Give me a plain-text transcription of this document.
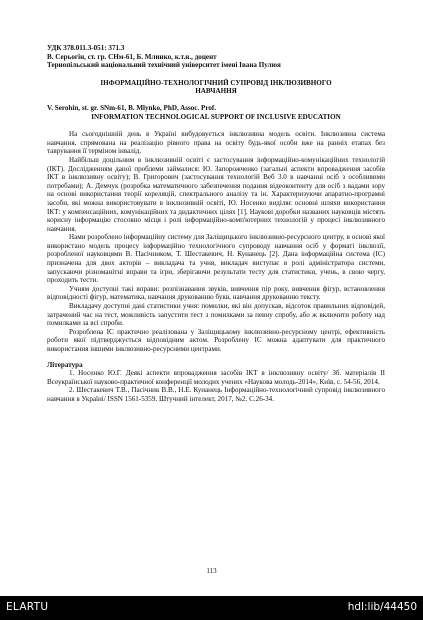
УДК 378.011.3-051: 371.3
В. Серьогін, ст. гр. СНм-61, Б. Млинко, к.т.н., доцент
Тернопільський національний технічний університет імені Івана Пулюя
ІНФОРМАЦІЙНО-ТЕХНОЛОГІЧНИЙ СУПРОВІД ІНКЛЮЗИВНОГО НАВЧАННЯ
V. Serohin, st. gr. SNm-61, B. Mlynko, PhD, Assoc. Prof.
INFORMATION TECHNOLOGICAL SUPPORT OF INCLUSIVE EDUCATION

На сьогоднішній день в Україні вибудовується інклюзивна модель освіти. Інклюзивна система навчання, спрямована на реалізацію рівного права на освіту будь-якої особи вже на ранніх етапах без тавру́вання її терміном інвалід.

Найбільш доцільним в інклюзивній освіті є застосування інформаційно-комунікаційних технологій (ІКТ). Дослідженням даної проблеми займалися: Ю. Запорожченко (загальні аспекти впровадження засобів ІКТ в інклюзивну освіту); В. Григорович (застосування технологій Веб 3.0 в навчанні осіб з особливими потребами); А. Демчук (розробка математичного забезпечення подання відеоконтенту для осіб з вадами зору на основі використання теорії кореляцій, спектрального аналізу та ін. Характеризуючи апаратно-програмні засоби, які можна використовувати в інклюзивній освіті, Ю. Носенко виділяє основні шляхи використання ІКТ: у компенсаційних, комунікаційних та дидактичних цілях [1]. Наукові доробки названих науковців містять корисну інформацію стосовно місця і ролі інформаційно-комп'ютерних технологій у процесі інклюзивного навчання.

Нами розроблено інформаційну систему для Заліщицького інклюзивно-ресурсного центру, в основі якої використано модель процесу інформаційно технологічного супроводу навчання осіб у форматі інклюзії, розробленої науковцями В. Пасічником, Т. Шестакевич, Н. Кунанець [2]. Дана інформаційна система (ІС) призначена для двох акторів – викладача та учня, викладач виступає в ролі адміністратора системи, запускаючи різноманітні вправи та ігри, зберігаючи результати тесту для статистики, учень, в свою чергу, проходить тести.

Учням доступні такі вправи: розпізнавання звуків, вивчення пір року, вивчення фігур, встановлення відповідності фігур, математика, навчання друкованню букв, навчання друкованню тексту.

Викладачу доступні дані статистики учня: помилки, які він допускав, відсоток правильних відповідей, затрачений час на тест, можливість запустити тест з помилками за певну спробу, або ж включити роботу над помилками за всі спроби.

Розроблена ІС практично реалізована у Заліщицькому інклюзивно-ресурсному центрі, ефективність роботи якої підтверджується відповідним актом. Розроблену ІС можна адаптувати для практичного використання іншими інклюзивно-ресурсними центрами.

Література

1. Носенко Ю.Г. Деякі аспекти впровадження засобів ІКТ в інклюзивну освіту/ Зб. матеріалів ІІ Всеукраїнської науково-практичної конференції молодих учених «Наукова молодь-2014», Київ, с. 54-56, 2014.

2. Шестакевич Т.В., Пасічник В.В., Н.Е. Кунанець Інформаційно-технологічний супровід інклюзивного навчання в Україні/ ISSN 1561-5359. Штучний інтелект, 2017, №2. С.26-34.

113
ELARTU	hdl:lib/44450
